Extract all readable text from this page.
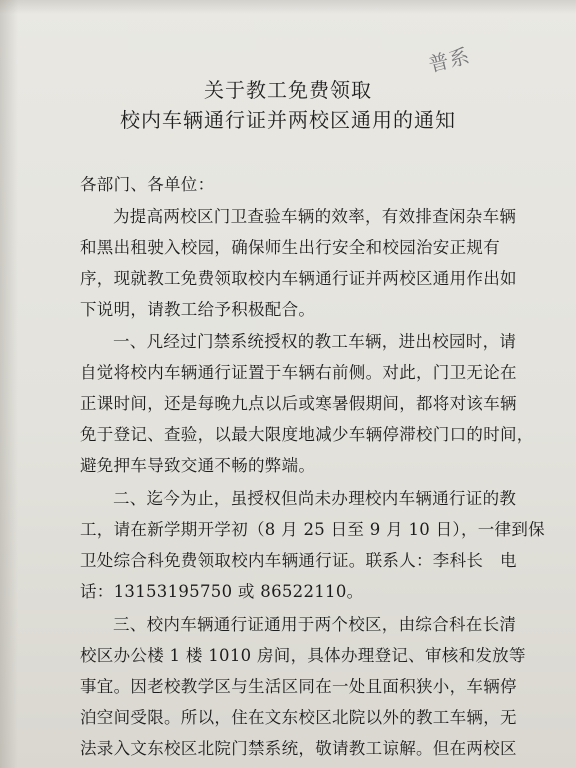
普系
关于教工免费领取
校内车辆通行证并两校区通用的通知
各部门、各单位：
为提高两校区门卫查验车辆的效率，有效排查闲杂车辆
和黑出租驶入校园，确保师生出行安全和校园治安正规有
序，现就教工免费领取校内车辆通行证并两校区通用作出如
下说明，请教工给予积极配合。
一、凡经过门禁系统授权的教工车辆，进出校园时，请
自觉将校内车辆通行证置于车辆右前侧。对此，门卫无论在
正课时间，还是每晚九点以后或寒暑假期间，都将对该车辆
免于登记、查验，以最大限度地减少车辆停滞校门口的时间，
避免押车导致交通不畅的弊端。
二、迄今为止，虽授权但尚未办理校内车辆通行证的教
工，请在新学期开学初（8 月 25 日至 9 月 10 日），一律到保
卫处综合科免费领取校内车辆通行证。联系人：李科长　电
话：13153195750 或 86522110。
三、校内车辆通行证通用于两个校区，由综合科在长清
校区办公楼 1 楼 1010 房间，具体办理登记、审核和发放等
事宜。因老校教学区与生活区同在一处且面积狭小，车辆停
泊空间受限。所以，住在文东校区北院以外的教工车辆，无
法录入文东校区北院门禁系统，敬请教工谅解。但在两校区
